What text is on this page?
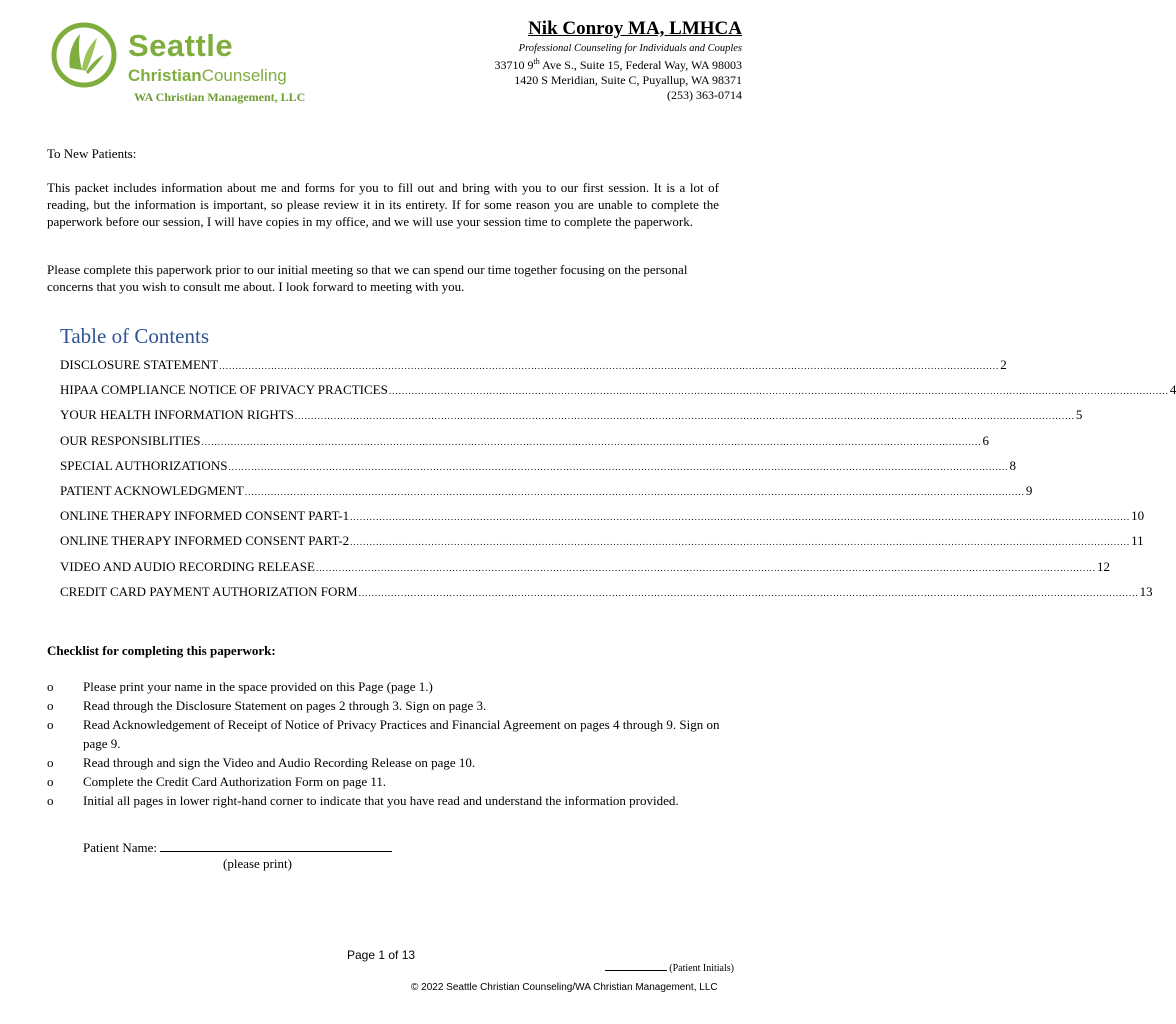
Seattle
ChristianCounseling
WA Christian Management, LLC
Nik Conroy MA, LMHCA
Professional Counseling for Individuals and Couples
33710 9th Ave S., Suite 15, Federal Way, WA 98003
1420 S Meridian, Suite C, Puyallup, WA 98371
(253) 363-0714
To New Patients:
This packet includes information about me and forms for you to fill out and bring with you to our first session. It is a lot of reading, but the information is important, so please review it in its entirety. If for some reason you are unable to complete the paperwork before our session, I will have copies in my office, and we will use your session time to complete the paperwork.
Please complete this paperwork prior to our initial meeting so that we can spend our time together focusing on the personal concerns that you wish to consult me about. I look forward to meeting with you.
Table of Contents
DISCLOSURE STATEMENT ................................................................................................................................................................................................................................................ 2
HIPAA COMPLIANCE NOTICE OF PRIVACY PRACTICES ................................................................................................................................................................................................................................................ 4
YOUR HEALTH INFORMATION RIGHTS ................................................................................................................................................................................................................................................ 5
OUR RESPONSIBLITIES ................................................................................................................................................................................................................................................ 6
SPECIAL AUTHORIZATIONS ................................................................................................................................................................................................................................................ 8
PATIENT ACKNOWLEDGMENT ................................................................................................................................................................................................................................................ 9
ONLINE THERAPY INFORMED CONSENT PART-1 ................................................................................................................................................................................................................................................ 10
ONLINE THERAPY INFORMED CONSENT PART-2 ................................................................................................................................................................................................................................................ 11
VIDEO AND AUDIO RECORDING RELEASE ................................................................................................................................................................................................................................................ 12
CREDIT CARD PAYMENT AUTHORIZATION FORM ................................................................................................................................................................................................................................................ 13
Checklist for completing this paperwork:
o	Please print your name in the space provided on this Page (page 1.)
o	Read through the Disclosure Statement on pages 2 through 3. Sign on page 3.
o	Read Acknowledgement of Receipt of Notice of Privacy Practices and Financial Agreement on pages 4 through 9. Sign on page 9.
o	Read through and sign the Video and Audio Recording Release on page 10.
o	Complete the Credit Card Authorization Form on page 11.
o	Initial all pages in lower right-hand corner to indicate that you have read and understand the information provided.
Patient Name:
(please print)
Page 1 of 13
(Patient Initials)
© 2022 Seattle Christian Counseling/WA Christian Management, LLC
